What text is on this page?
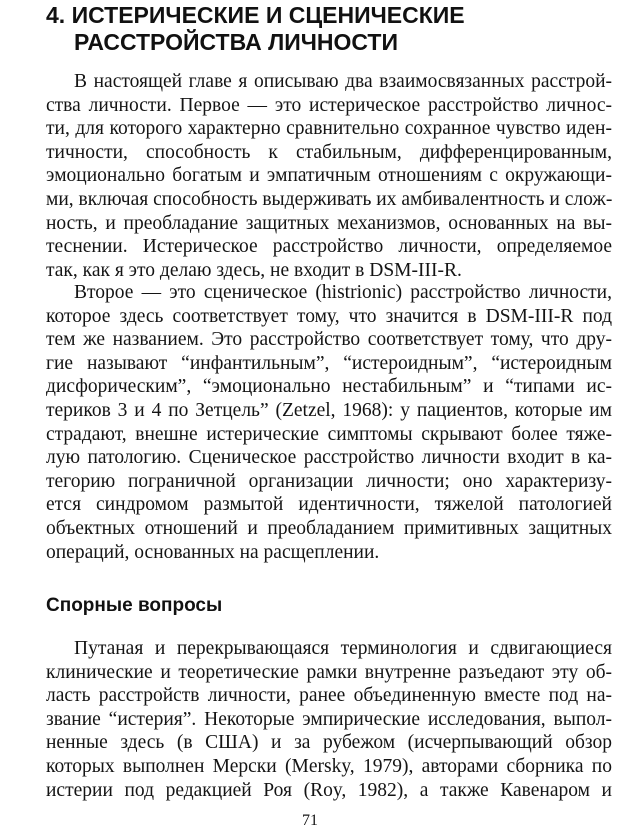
4. ИСТЕРИЧЕСКИЕ И СЦЕНИЧЕСКИЕ
РАССТРОЙСТВА ЛИЧНОСТИ
В настоящей главе я описываю два взаимосвязанных расстрой-
ства личности. Первое — это истерическое расстройство личнос-
ти, для которого характерно сравнительно сохранное чувство иден-
тичности, способность к стабильным, дифференцированным,
эмоционально богатым и эмпатичным отношениям с окружающи-
ми, включая способность выдерживать их амбивалентность и слож-
ность, и преобладание защитных механизмов, основанных на вы-
теснении. Истерическое расстройство личности, определяемое
так, как я это делаю здесь, не входит в DSM-III-R.
Второе — это сценическое (histrionic) расстройство личности,
которое здесь соответствует тому, что значится в DSM-III-R под
тем же названием. Это расстройство соответствует тому, что дру-
гие называют “инфантильным”, “истероидным”, “истероидным
дисфорическим”, “эмоционально нестабильным” и “типами ис-
териков 3 и 4 по Зетцель” (Zetzel, 1968): у пациентов, которые им
страдают, внешне истерические симптомы скрывают более тяже-
лую патологию. Сценическое расстройство личности входит в ка-
тегорию пограничной организации личности; оно характеризу-
ется синдромом размытой идентичности, тяжелой патологией
объектных отношений и преобладанием примитивных защитных
операций, основанных на расщеплении.
Спорные вопросы
Путаная и перекрывающаяся терминология и сдвигающиеся
клинические и теоретические рамки внутренне разъедают эту об-
ласть расстройств личности, ранее объединенную вместе под на-
звание “истерия”. Некоторые эмпирические исследования, выпол-
ненные здесь (в США) и за рубежом (исчерпывающий обзор
которых выполнен Мерски (Mersky, 1979), авторами сборника по
истерии под редакцией Роя (Roy, 1982), а также Кавенаром и
71
